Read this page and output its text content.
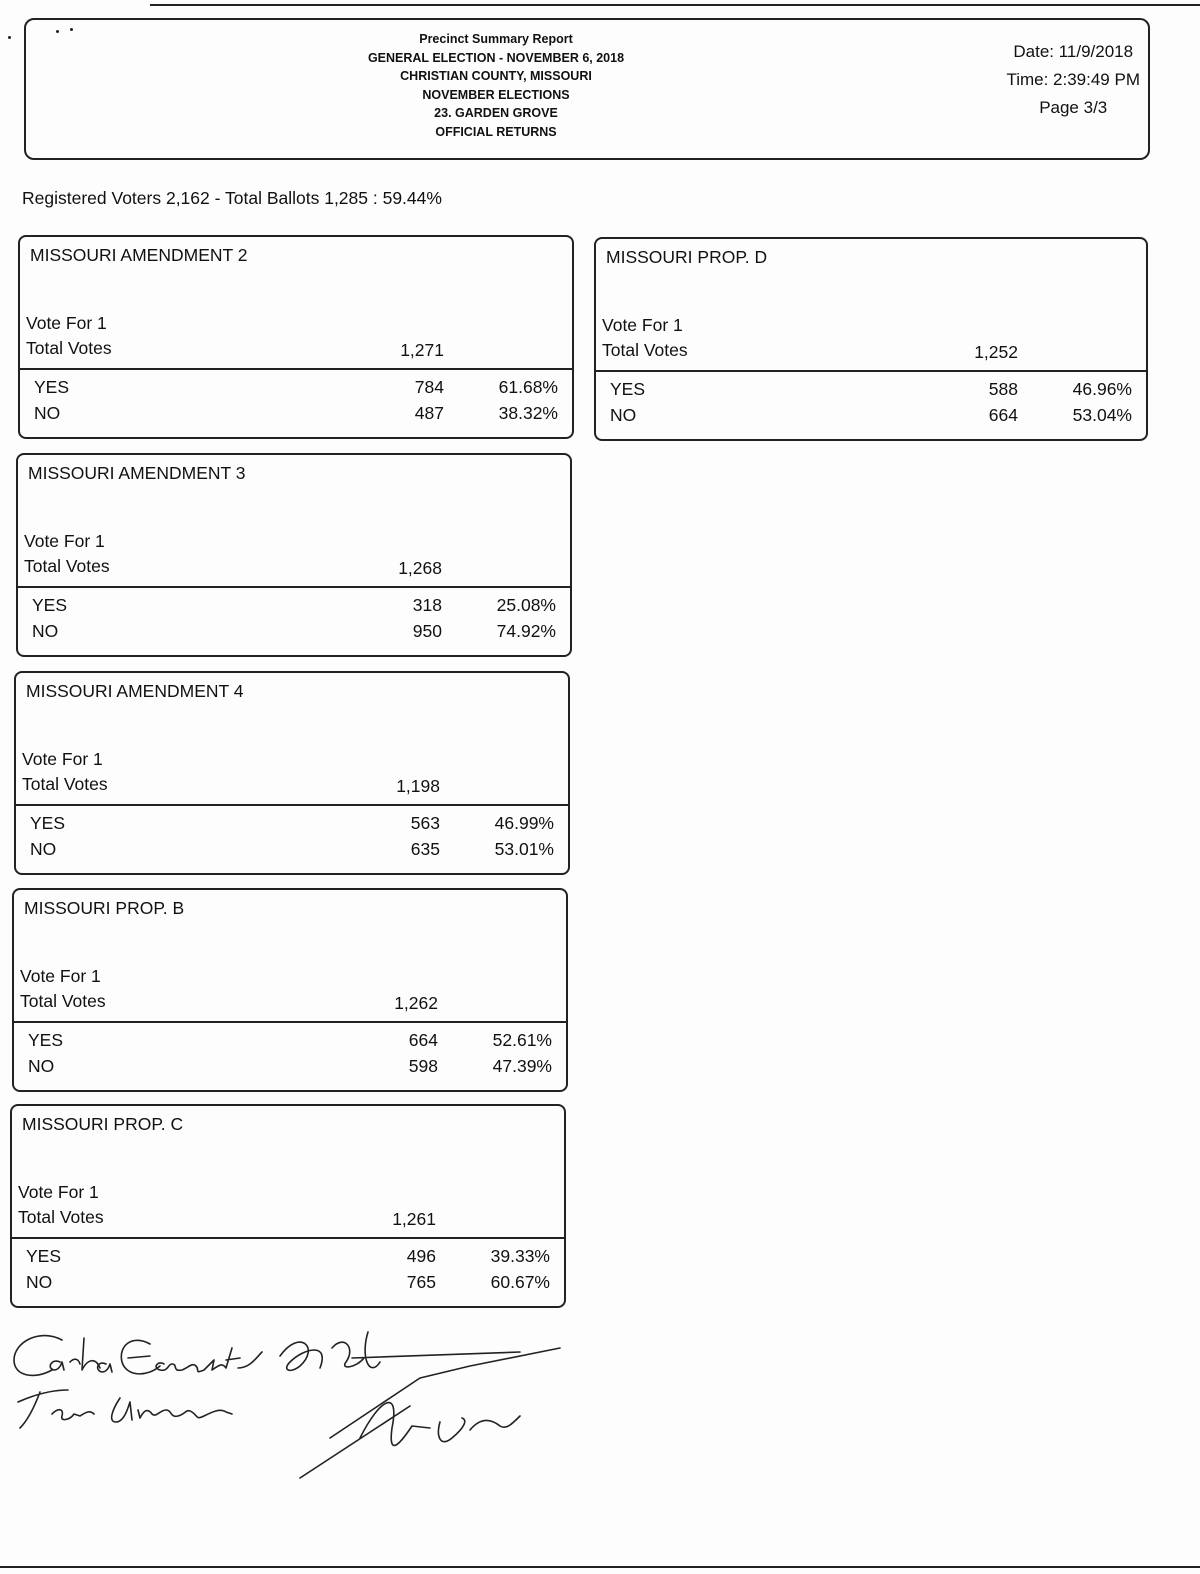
Precinct Summary Report
GENERAL ELECTION - NOVEMBER 6, 2018
CHRISTIAN COUNTY, MISSOURI
NOVEMBER ELECTIONS
23. GARDEN GROVE
OFFICIAL RETURNS
Date: 11/9/2018
Time: 2:39:49 PM
Page 3/3
Registered Voters 2,162 - Total Ballots 1,285 : 59.44%
MISSOURI AMENDMENT 2
Vote For 1
Total Votes	1,271
YES	784	61.68%
NO	487	38.32%
MISSOURI AMENDMENT 3
Vote For 1
Total Votes	1,268
YES	318	25.08%
NO	950	74.92%
MISSOURI AMENDMENT 4
Vote For 1
Total Votes	1,198
YES	563	46.99%
NO	635	53.01%
MISSOURI PROP. B
Vote For 1
Total Votes	1,262
YES	664	52.61%
NO	598	47.39%
MISSOURI PROP. C
Vote For 1
Total Votes	1,261
YES	496	39.33%
NO	765	60.67%
MISSOURI PROP. D
Vote For 1
Total Votes	1,252
YES	588	46.96%
NO	664	53.04%
